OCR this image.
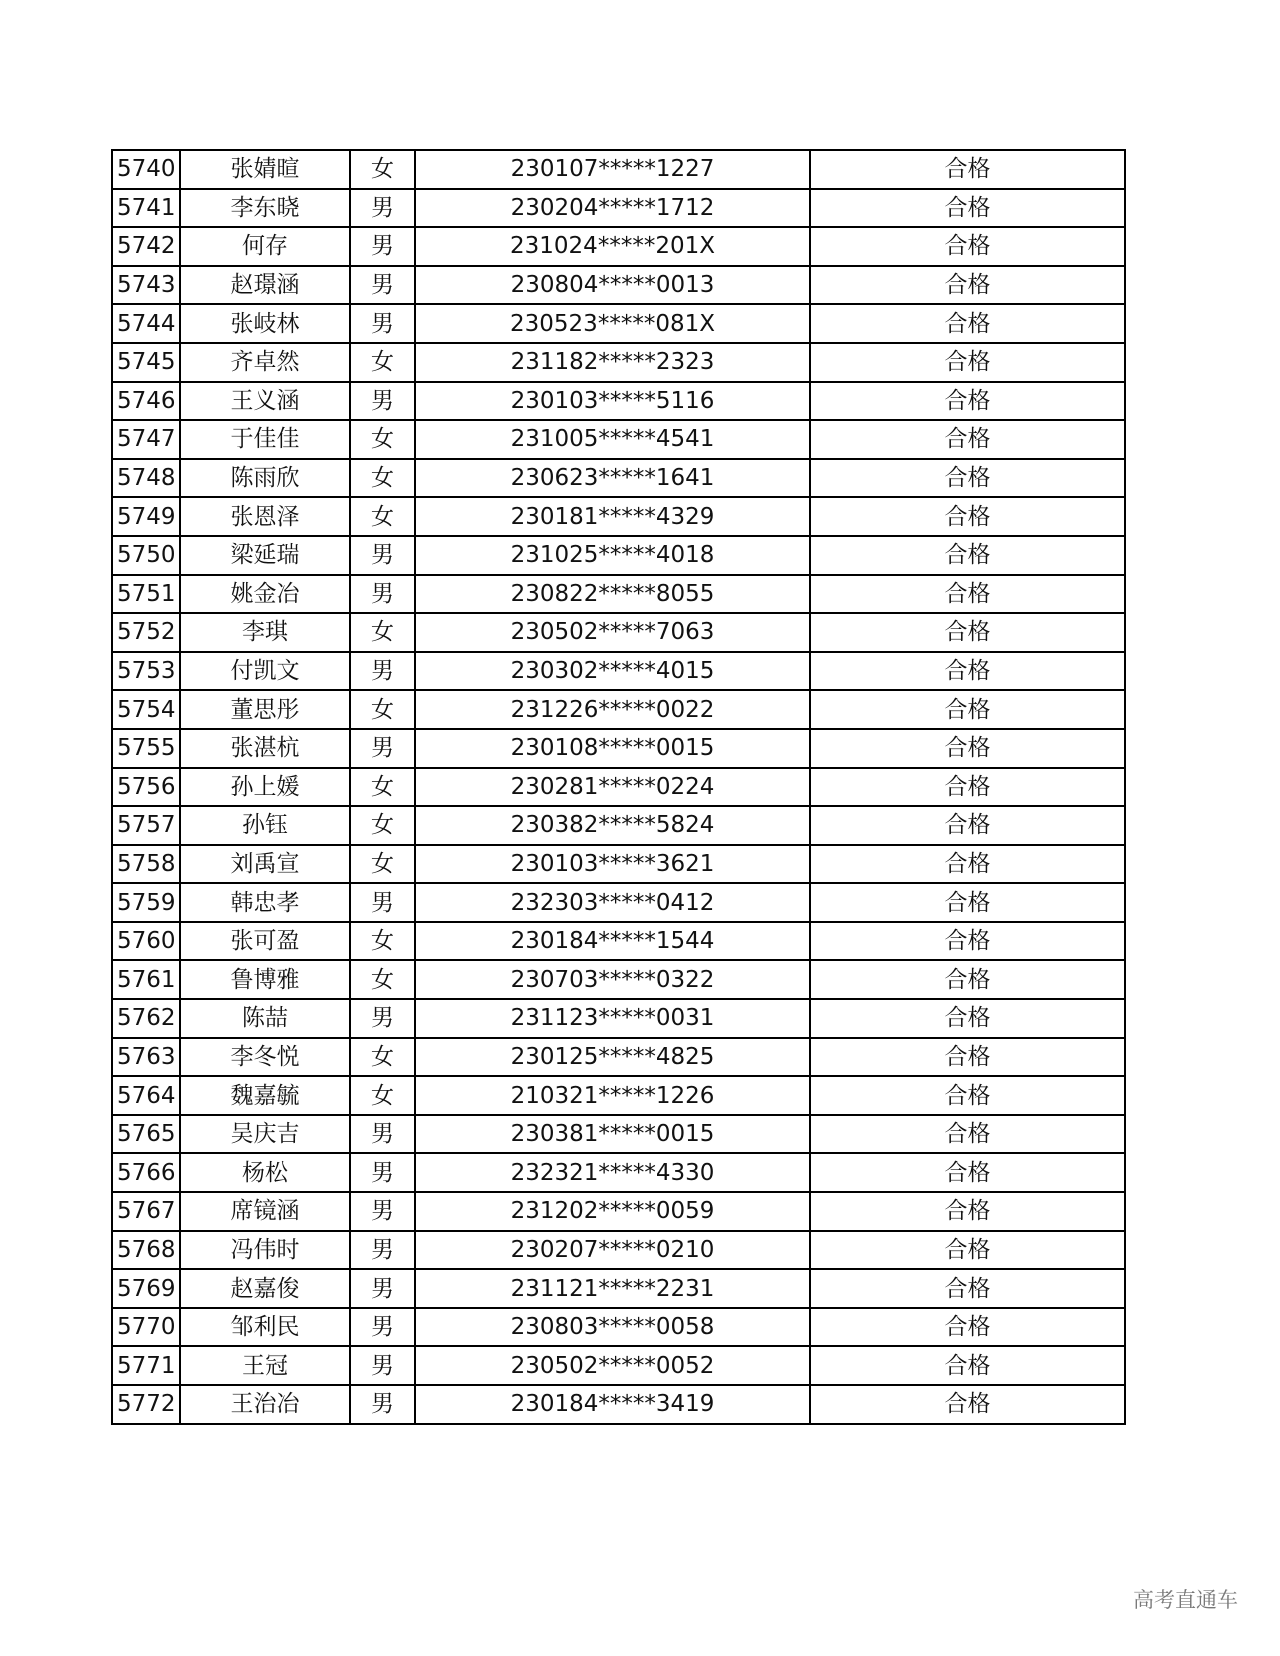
5740	张婧暄	女	230107*****1227	合格
5741	李东晓	男	230204*****1712	合格
5742	何存	男	231024*****201X	合格
5743	赵璟涵	男	230804*****0013	合格
5744	张岐林	男	230523*****081X	合格
5745	齐卓然	女	231182*****2323	合格
5746	王义涵	男	230103*****5116	合格
5747	于佳佳	女	231005*****4541	合格
5748	陈雨欣	女	230623*****1641	合格
5749	张恩泽	女	230181*****4329	合格
5750	梁延瑞	男	231025*****4018	合格
5751	姚金冶	男	230822*****8055	合格
5752	李琪	女	230502*****7063	合格
5753	付凯文	男	230302*****4015	合格
5754	董思彤	女	231226*****0022	合格
5755	张湛杭	男	230108*****0015	合格
5756	孙上媛	女	230281*****0224	合格
5757	孙钰	女	230382*****5824	合格
5758	刘禹宣	女	230103*****3621	合格
5759	韩忠孝	男	232303*****0412	合格
5760	张可盈	女	230184*****1544	合格
5761	鲁博雅	女	230703*****0322	合格
5762	陈喆	男	231123*****0031	合格
5763	李冬悦	女	230125*****4825	合格
5764	魏嘉毓	女	210321*****1226	合格
5765	吴庆吉	男	230381*****0015	合格
5766	杨松	男	232321*****4330	合格
5767	席镜涵	男	231202*****0059	合格
5768	冯伟时	男	230207*****0210	合格
5769	赵嘉俊	男	231121*****2231	合格
5770	邹利民	男	230803*****0058	合格
5771	王冠	男	230502*****0052	合格
5772	王治冶	男	230184*****3419	合格
高考直通车
